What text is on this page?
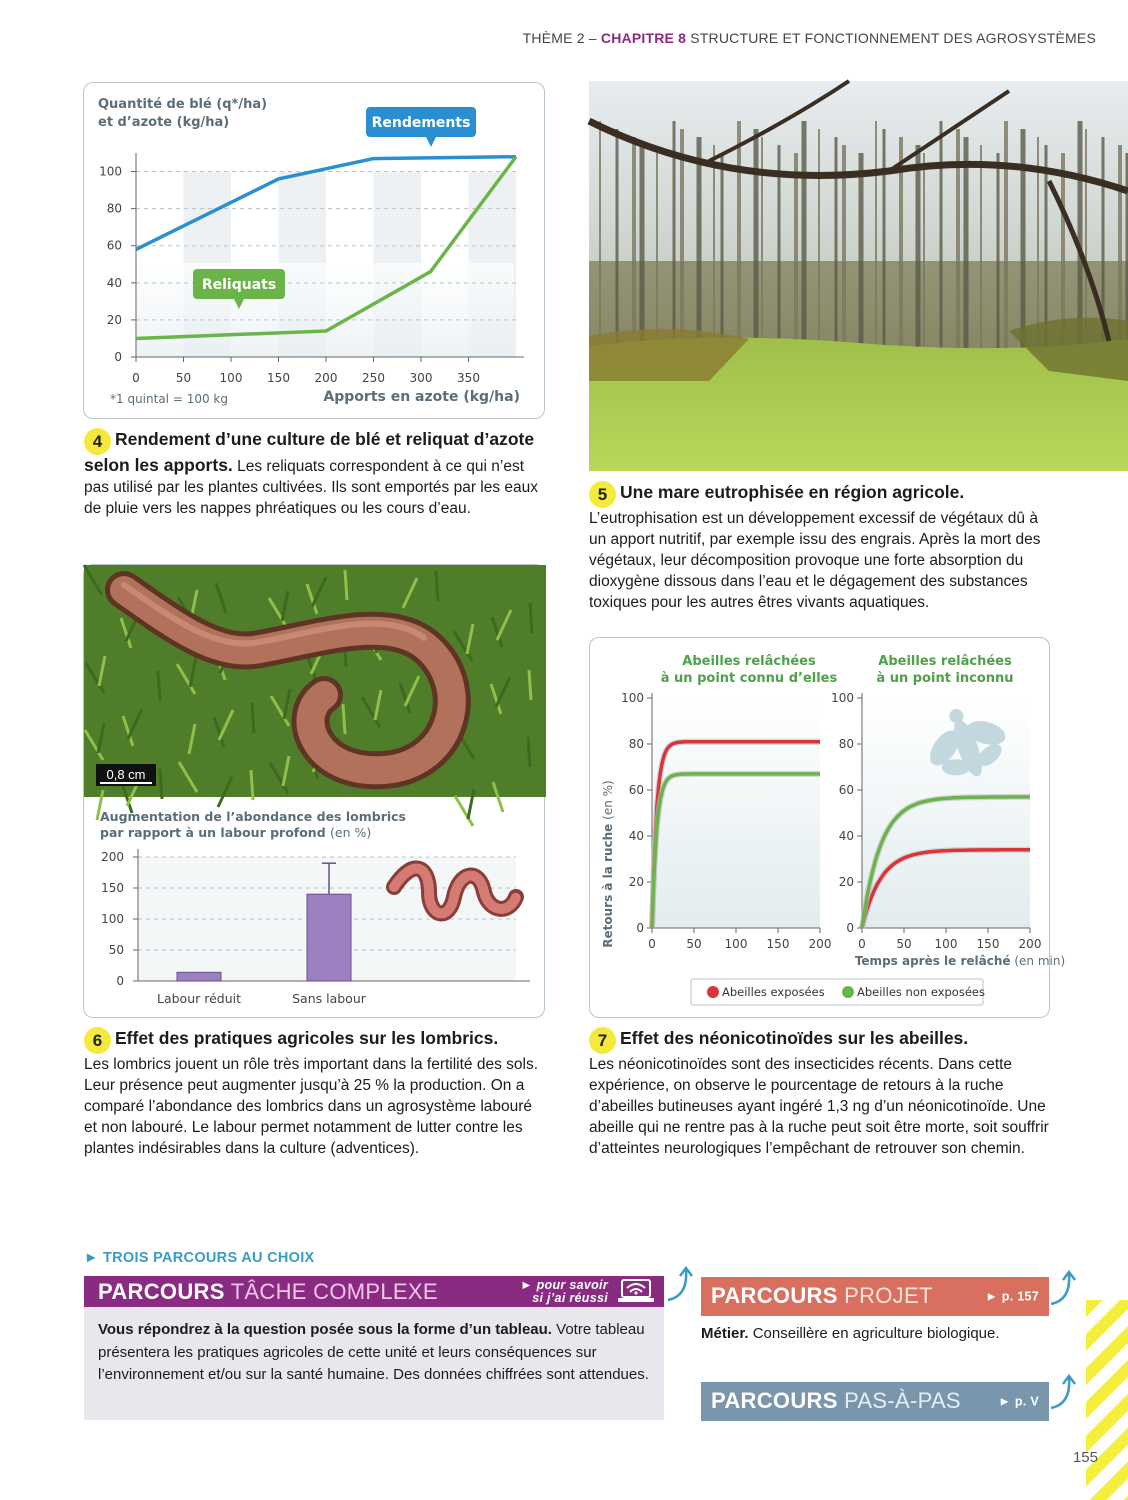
THÈME 2 – CHAPITRE 8 STRUCTURE ET FONCTIONNEMENT DES AGROSYSTÈMES
0
20
40
60
80
100
0	50 100 150 200 250 300 350
Quantité de blé (q*/ha)
et d’azote (kg/ha)	Rendements
Reliquats
*1 quintal = 100 kg	Apports en azote (kg/ha)
4 Rendement d’une culture de blé et reliquat d’azote selon les apports. Les reliquats correspondent à ce qui n’est pas utilisé par les plantes cultivées. Ils sont emportés par les eaux de pluie vers les nappes phréatiques ou les cours d’eau.
5 Une mare eutrophisée en région agricole.
L’eutrophisation est un développement excessif de végétaux dû à un apport nutritif, par exemple issu des engrais. Après la mort des végétaux, leur décomposition provoque une forte absorption du dioxygène dissous dans l’eau et le dégagement des substances toxiques pour les autres êtres vivants aquatiques.
0,8 cm
Augmentation de l’abondance des lombrics
par rapport à un labour profond (en %)
0
50
100
150
200
Labour réduit	Sans labour
6 Effet des pratiques agricoles sur les lombrics.
Les lombrics jouent un rôle très important dans la fertilité des sols. Leur présence peut augmenter jusqu’à 25 % la production. On a comparé l’abondance des lombrics dans un agrosystème labouré et non labouré. Le labour permet notamment de lutter contre les plantes indésirables dans la culture (adventices).
Abeilles relâchées
à un point connu d’elles
Abeilles relâchées
à un point inconnu
Retours à la ruche (en %)
0
20
40
60
80
100
0	50 100 150 200
0
20
40
60
80
100
0	50 100 150 200
Temps après le relâché (en min)
Abeilles exposées	Abeilles non exposées
7 Effet des néonicotinoïdes sur les abeilles.
Les néonicotinoïdes sont des insecticides récents. Dans cette expérience, on observe le pourcentage de retours à la ruche d’abeilles butineuses ayant ingéré 1,3 ng d’un néonicotinoïde. Une abeille qui ne rentre pas à la ruche peut soit être morte, soit souffrir d’atteintes neurologiques l’empêchant de retrouver son chemin.
► TROIS PARCOURS AU CHOIX
PARCOURS TÂCHE COMPLEXE	► pour savoir
si j’ai réussi
Vous répondrez à la question posée sous la forme d’un tableau. Votre tableau présentera les pratiques agricoles de cette unité et leurs conséquences sur l’environnement et/ou sur la santé humaine. Des données chiffrées sont attendues.
PARCOURS PROJET	► p. 157
Métier. Conseillère en agriculture biologique.
PARCOURS PAS-À-PAS	► p. V
155
